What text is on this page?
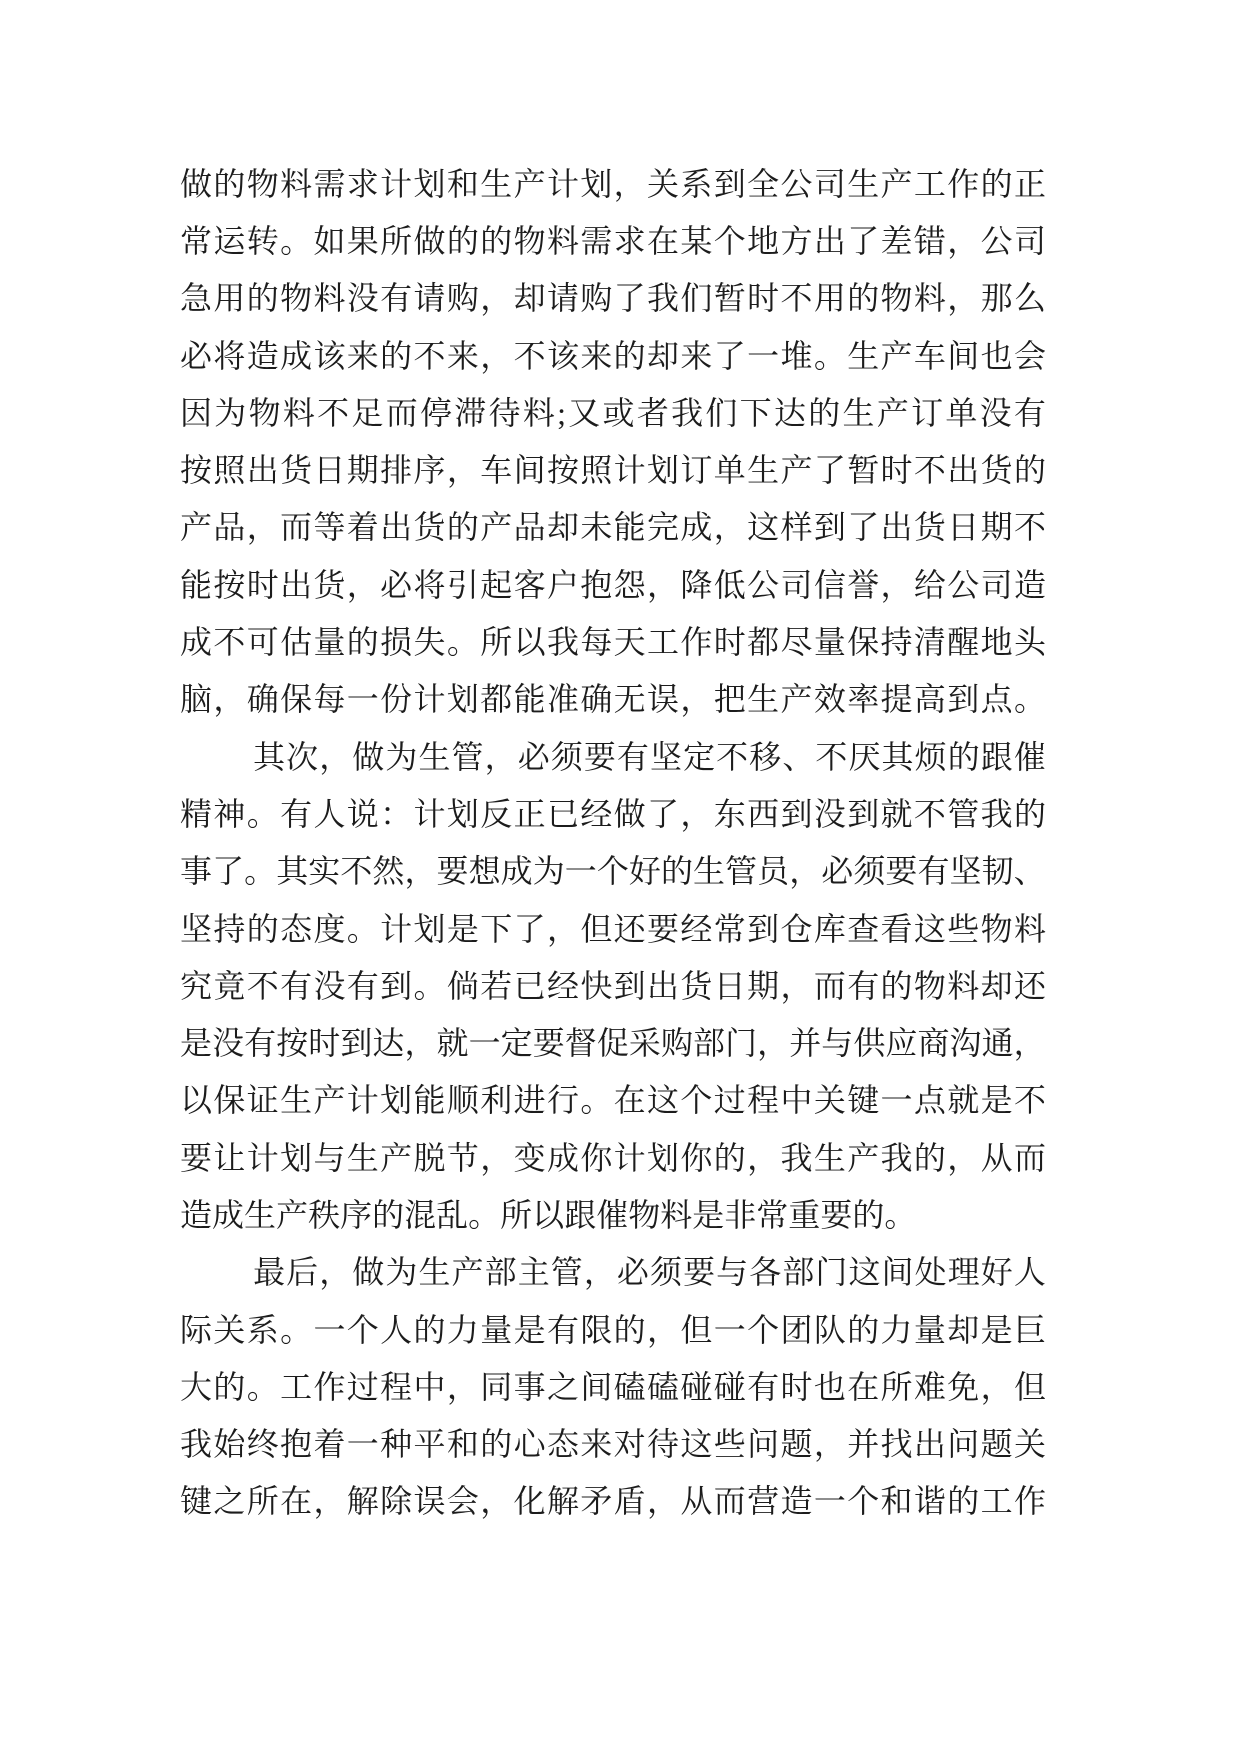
做 的 物 料 需 求 计 划 和 生 产 计 划 ， 关 系 到 全 公 司 生 产 工 作 的 正
常 运 转 。 如 果 所 做 的 的 物 料 需 求 在 某 个 地 方 出 了 差 错 ， 公 司
急 用 的 物 料 没 有 请 购 ， 却 请 购 了 我 们 暂 时 不 用 的 物 料 ， 那 么
必 将 造 成 该 来 的 不 来 ， 不 该 来 的 却 来 了 一 堆 。 生 产 车 间 也 会
因 为 物 料 不 足 而 停 滞 待 料 ; 又 或 者 我 们 下 达 的 生 产 订 单 没 有
按 照 出 货 日 期 排 序 ， 车 间 按 照 计 划 订 单 生 产 了 暂 时 不 出 货 的
产 品 ， 而 等 着 出 货 的 产 品 却 未 能 完 成 ， 这 样 到 了 出 货 日 期 不
能 按 时 出 货 ， 必 将 引 起 客 户 抱 怨 ， 降 低 公 司 信 誉 ， 给 公 司 造
成 不 可 估 量 的 损 失 。 所 以 我 每 天 工 作 时 都 尽 量 保 持 清 醒 地 头
脑 ， 确 保 每 一 份 计 划 都 能 准 确 无 误 ， 把 生 产 效 率 提 高 到 点 。
其 次 ， 做 为 生 管 ， 必 须 要 有 坚 定 不 移 、 不 厌 其 烦 的 跟 催
精 神 。 有 人 说 ： 计 划 反 正 已 经 做 了 ， 东 西 到 没 到 就 不 管 我 的
事 了 。 其 实 不 然 ， 要 想 成 为 一 个 好 的 生 管 员 ， 必 须 要 有 坚 韧 、
坚 持 的 态 度 。 计 划 是 下 了 ， 但 还 要 经 常 到 仓 库 查 看 这 些 物 料
究 竟 不 有 没 有 到 。 倘 若 已 经 快 到 出 货 日 期 ， 而 有 的 物 料 却 还
是 没 有 按 时 到 达 ， 就 一 定 要 督 促 采 购 部 门 ， 并 与 供 应 商 沟 通 ，
以 保 证 生 产 计 划 能 顺 利 进 行 。 在 这 个 过 程 中 关 键 一 点 就 是 不
要 让 计 划 与 生 产 脱 节 ， 变 成 你 计 划 你 的 ， 我 生 产 我 的 ， 从 而
造 成 生 产 秩 序 的 混 乱 。 所 以 跟 催 物 料 是 非 常 重 要 的 。
最 后 ， 做 为 生 产 部 主 管 ， 必 须 要 与 各 部 门 这 间 处 理 好 人
际 关 系 。 一 个 人 的 力 量 是 有 限 的 ， 但 一 个 团 队 的 力 量 却 是 巨
大 的 。 工 作 过 程 中 ， 同 事 之 间 磕 磕 碰 碰 有 时 也 在 所 难 免 ， 但
我 始 终 抱 着 一 种 平 和 的 心 态 来 对 待 这 些 问 题 ， 并 找 出 问 题 关
键 之 所 在 ， 解 除 误 会 ， 化 解 矛 盾 ， 从 而 营 造 一 个 和 谐 的 工 作
